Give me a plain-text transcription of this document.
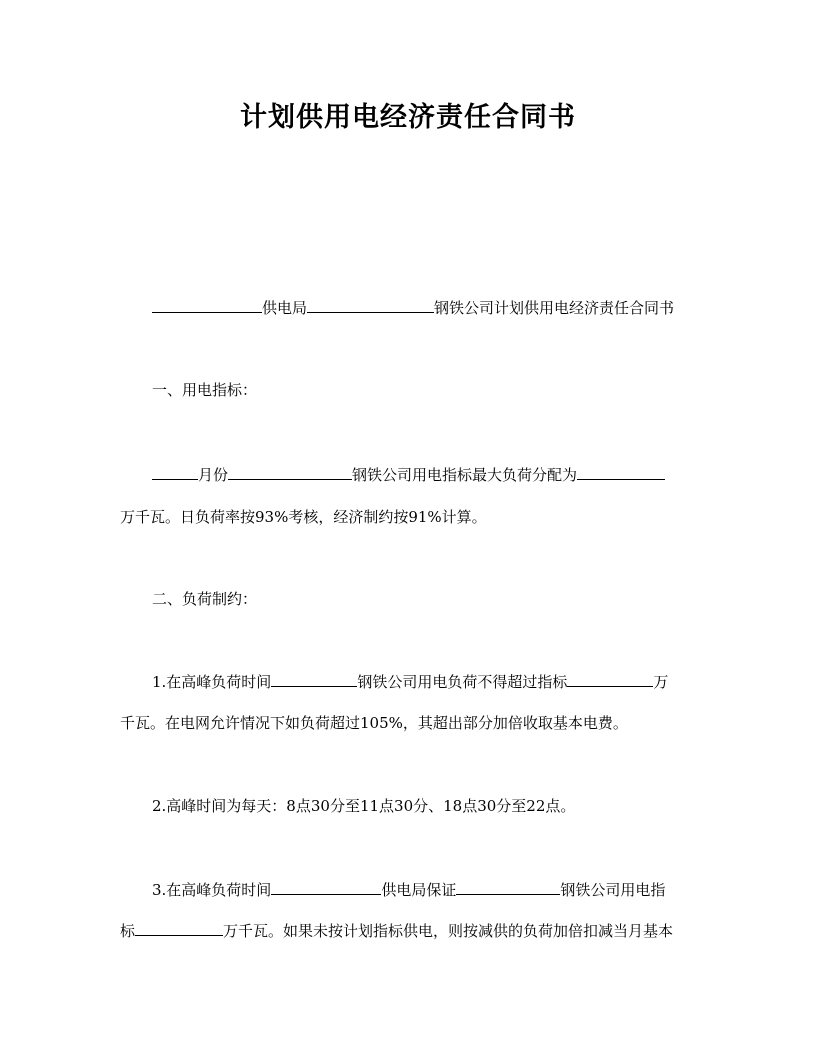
计划供用电经济责任合同书
供电局	钢铁公司计划供用电经济责任合同书
一、用电指标：
月份	钢铁公司用电指标最大负荷分配为
万千瓦。日负荷率按93%考核，经济制约按91%计算。
二、负荷制约：
1.在高峰负荷时间	钢铁公司用电负荷不得超过指标	万
千瓦。在电网允许情况下如负荷超过105%，其超出部分加倍收取基本电费。
2.高峰时间为每天：8点30分至11点30分、18点30分至22点。
3.在高峰负荷时间	供电局保证	钢铁公司用电指
标	万千瓦。如果未按计划指标供电，则按减供的负荷加倍扣减当月基本
